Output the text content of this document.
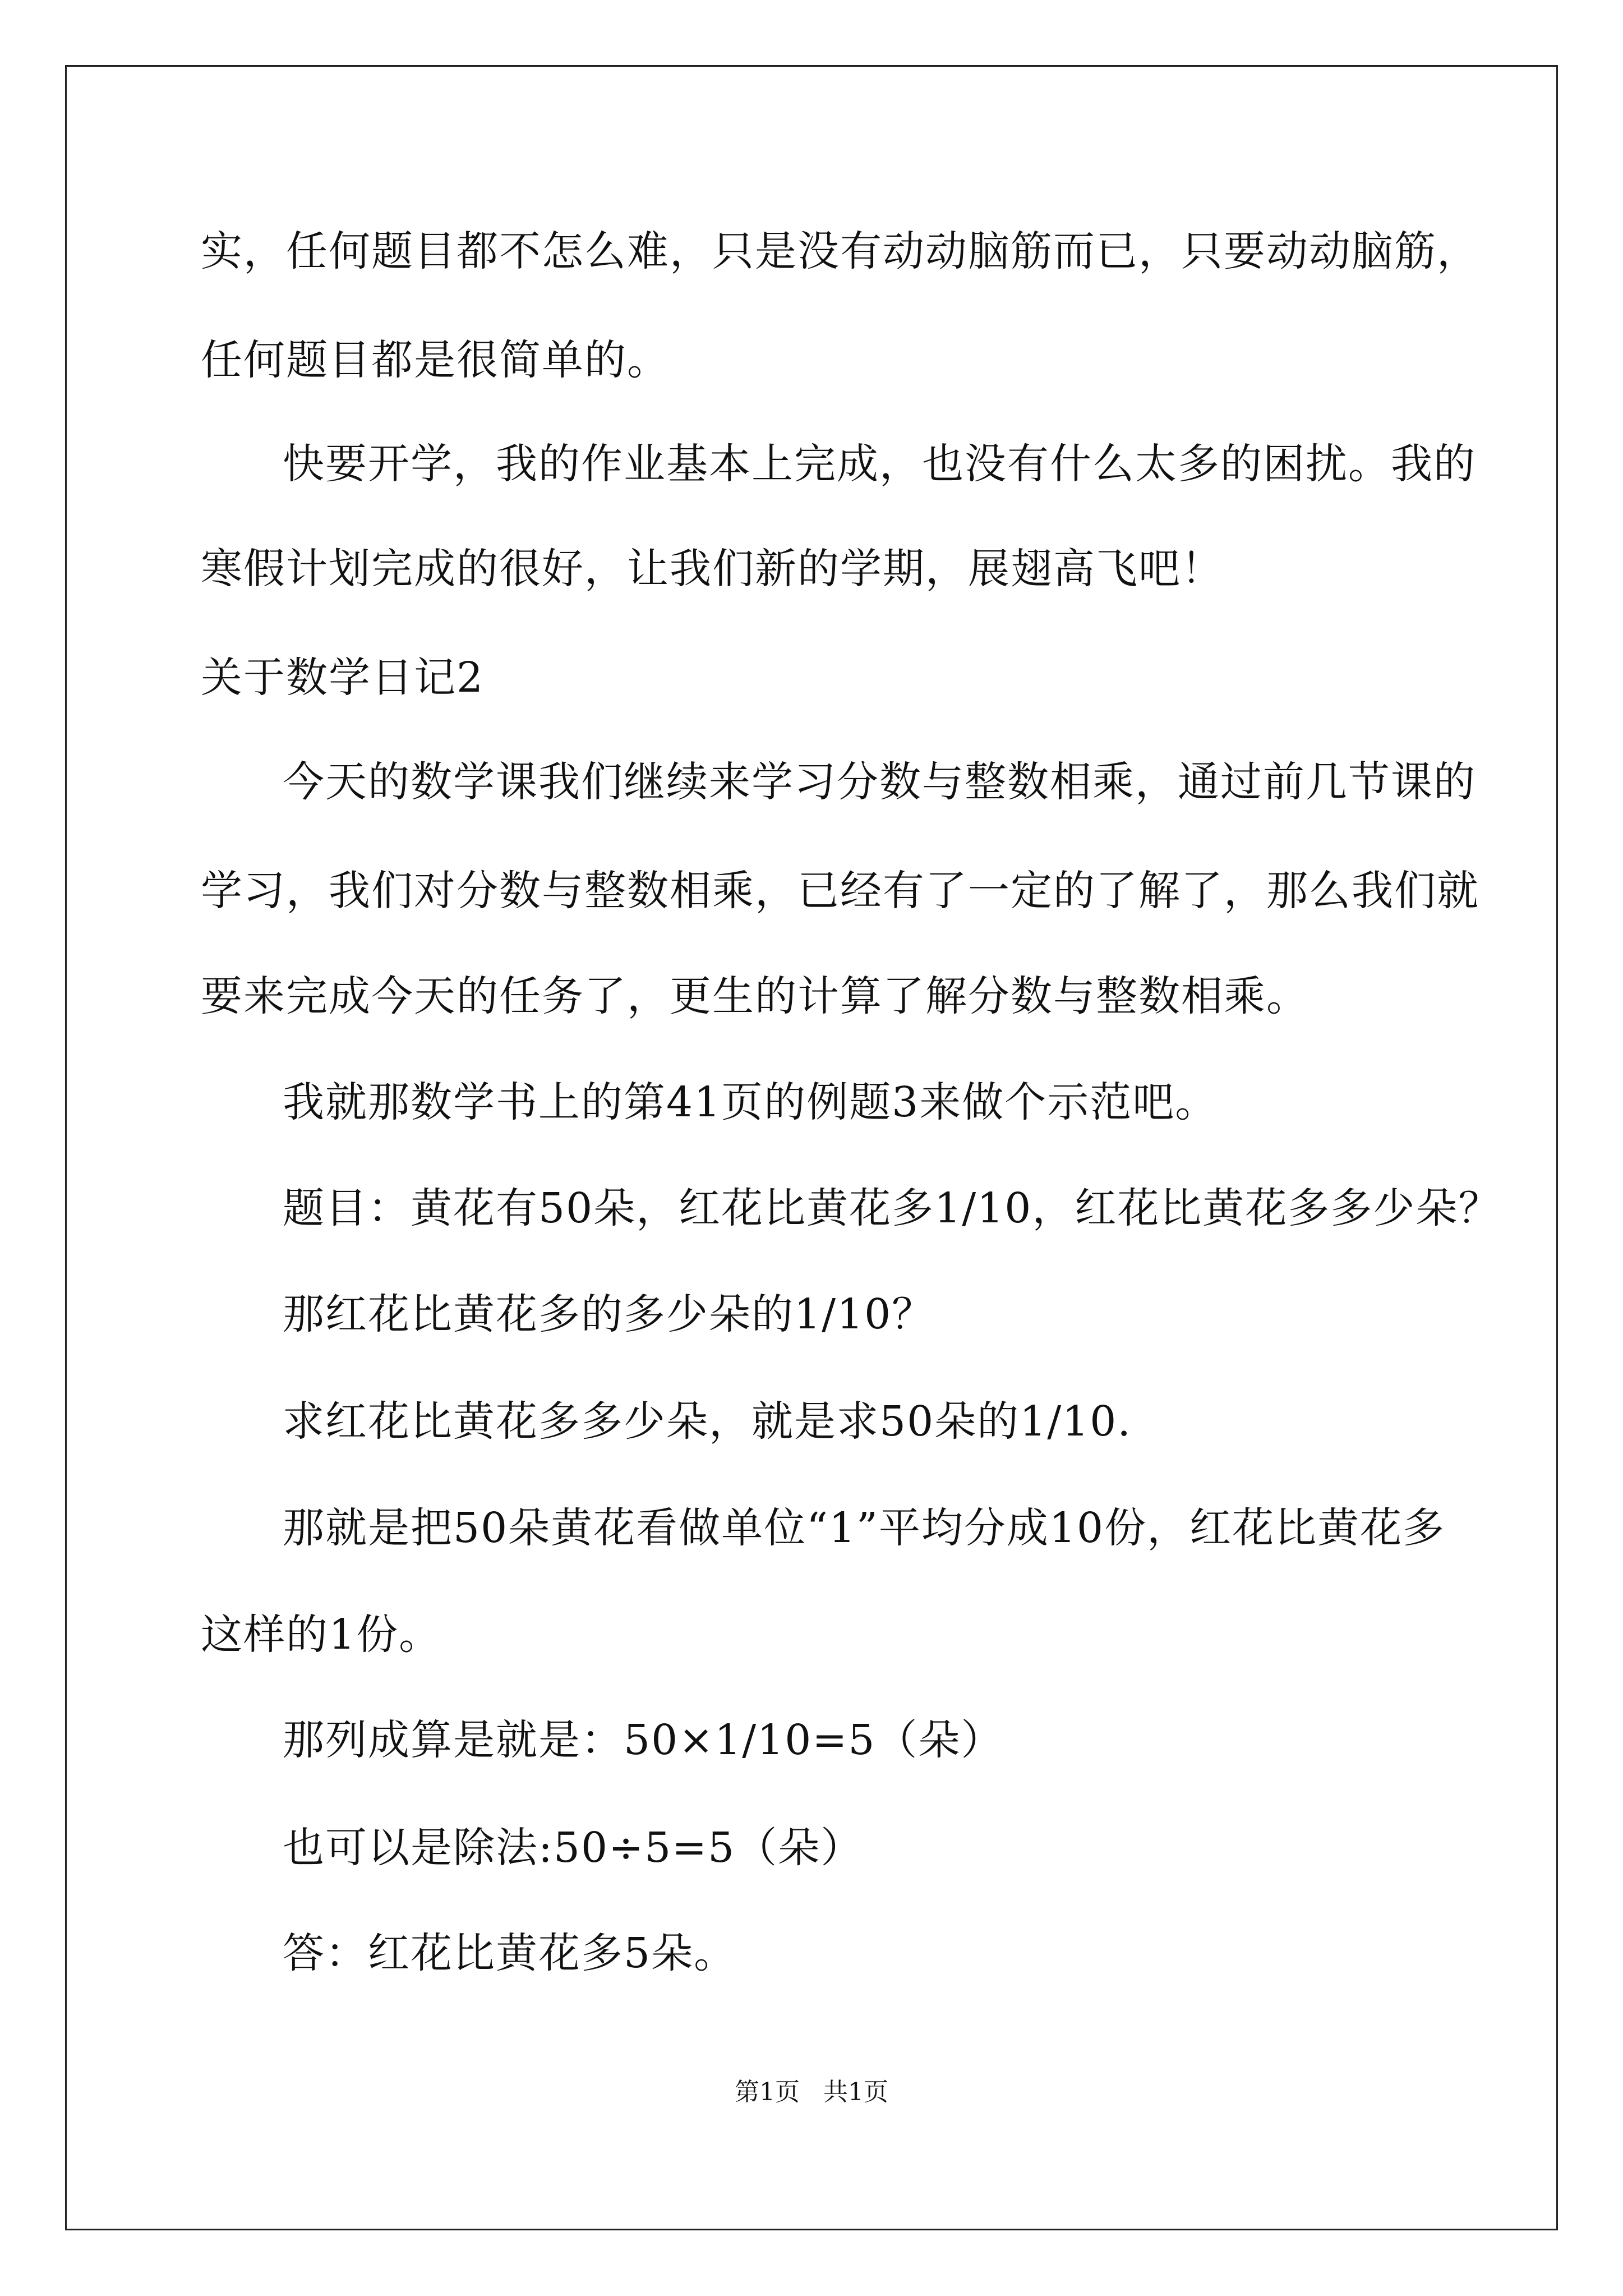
实，任何题目都不怎么难，只是没有动动脑筋而已，只要动动脑筋，
任何题目都是很简单的。
快要开学，我的作业基本上完成，也没有什么太多的困扰。我的
寒假计划完成的很好，让我们新的学期，展翅高飞吧！
关于数学日记2
今天的数学课我们继续来学习分数与整数相乘，通过前几节课的
学习，我们对分数与整数相乘，已经有了一定的了解了，那么我们就
要来完成今天的任务了，更生的计算了解分数与整数相乘。
我就那数学书上的第41页的例题3来做个示范吧。
题目：黄花有50朵，红花比黄花多1/10，红花比黄花多多少朵？
那红花比黄花多的多少朵的1/10？
求红花比黄花多多少朵，就是求50朵的1/10.
那就是把50朵黄花看做单位“1”平均分成10份，红花比黄花多
这样的1份。
那列成算是就是：50×1/10=5（朵）
也可以是除法:50÷5=5（朵）
答：红花比黄花多5朵。
第1页   共1页
